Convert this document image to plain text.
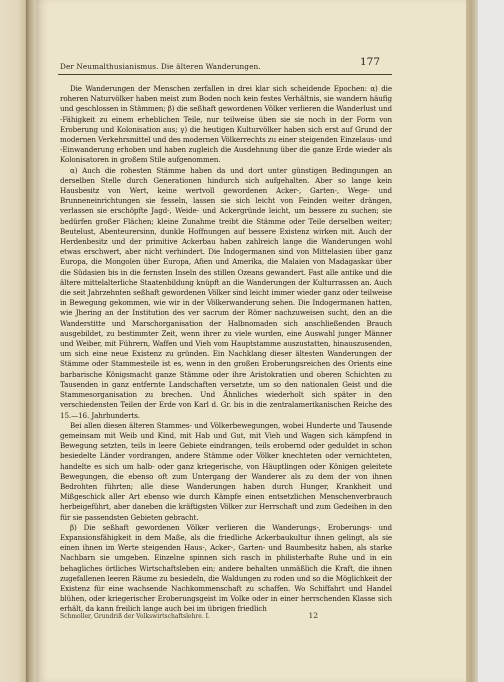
Der Neumalthusianismus. Die älteren Wanderungen.	177

Die Wanderungen der Menschen zerfallen in drei klar sich scheidende Epochen: α) die roheren Naturvölker haben meist zum Boden noch kein festes Verhältnis, sie wandern häufig und geschlossen in Stämmen; β) die seßhaft gewordenen Völker verlieren die Wanderlust und -Fähigkeit zu einem erheblichen Teile, nur teilweise üben sie sie noch in der Form von Eroberung und Kolonisation aus; γ) die heutigen Kulturvölker haben sich erst auf Grund der modernen Verkehrsmittel und des modernen Völkerrechts zu einer steigenden Einzelaus- und -Einwanderung erhoben und haben zugleich die Ausdehnung über die ganze Erde wieder als Kolonisatoren in großem Stile aufgenommen.

α) Auch die rohesten Stämme haben da und dort unter günstigen Bedingungen an derselben Stelle durch Generationen hindurch sich aufgehalten. Aber so lange kein Hausbesitz von Wert, keine wertvoll gewordenen Acker-, Garten-, Wege- und Brunneneinrichtungen sie fesseln, lassen sie sich leicht von Feinden weiter drängen, verlassen sie erschöpfte Jagd-, Weide- und Ackergründe leicht, um bessere zu suchen; sie bedürfen großer Flächen; kleine Zunahme treibt die Stämme oder Teile derselben weiter; Beutelust, Abenteurersinn, dunkle Hoffnungen auf bessere Existenz wirken mit. Auch der Herdenbesitz und der primitive Ackerbau haben zahlreich lange die Wanderungen wohl etwas erschwert, aber nicht verhindert. Die Indogermanen sind von Mittelasien über ganz Europa, die Mongolen über Europa, Afien und Amerika, die Malaien von Madagaskar über die Südasien bis in die fernsten Inseln des stillen Ozeans gewandert. Fast alle antike und die ältere mittelalterliche Staatenbildung knüpft an die Wanderungen der Kulturrassen an. Auch die seit Jahrzehnten seßhaft gewordenen Völker sind leicht immer wieder ganz oder teilweise in Bewegung gekommen, wie wir in der Völkerwanderung sehen. Die Indogermanen hatten, wie Jhering an der Institution des ver sacrum der Römer nachzuweisen sucht, den an die Wanderstitte und Marschorganisation der Halbnomaden sich anschließenden Brauch ausgebildet, zu bestimmter Zeit, wenn ihrer zu viele wurden, eine Auswahl junger Männer und Weiber, mit Führern, Waffen und Vieh vom Hauptstamme auszustatten, hinauszusenden, um sich eine neue Existenz zu gründen. Ein Nachklang dieser ältesten Wanderungen der Stämme oder Stammesteile ist es, wenn in den großen Eroberungsreichen des Orients eine barbarische Königsmacht ganze Stämme oder ihre Aristokratien und oberen Schichten zu Tausenden in ganz entfernte Landschaften versetzte, um so den nationalen Geist und die Stammesorganisation zu brechen. Und Ähnliches wiederholt sich später in den verschiedensten Teilen der Erde von Karl d. Gr. bis in die zentralamerikanischen Reiche des 15.—16. Jahrhunderts.

Bei allen diesen älteren Stammes- und Völkerbewegungen, wobei Hunderte und Tausende gemeinsam mit Weib und Kind, mit Hab und Gut, mit Vieh und Wagen sich kämpfend in Bewegung setzten, teils in leere Gebiete eindrangen, teils erobernd oder geduldet in schon besiedelte Länder vordrangen, andere Stämme oder Völker knechteten oder vernichteten, handelte es sich um halb- oder ganz kriegerische, von Häuptlingen oder Königen geleitete Bewegungen, die ebenso oft zum Untergang der Wanderer als zu dem der von ihnen Bedrohten führten; alle diese Wanderungen haben durch Hunger, Krankheit und Mißgeschick aller Art ebenso wie durch Kämpfe einen entsetzlichen Menschenverbrauch herbeigeführt, aber daneben die kräftigsten Völker zur Herrschaft und zum Gedeihen in den für sie passendsten Gebieten gebracht.

β) Die seßhaft gewordenen Völker verlieren die Wanderungs-, Eroberungs- und Expansionsfähigkeit in dem Maße, als die friedliche Ackerbaukultur ihnen gelingt, als sie einen ihnen im Werte steigenden Haus-, Acker-, Garten- und Baumbesitz haben, als starke Nachbarn sie umgeben. Einzelne spinnen sich rasch in philisterhafte Ruhe und in ein behagliches örtliches Wirtschaftsleben ein; andere behalten unmäßlich die Kraft, die ihnen zugefallenen leeren Räume zu besiedeln, die Waldungen zu roden und so die Möglichkeit der Existenz für eine wachsende Nachkommenschaft zu schaffen. Wo Schiffahrt und Handel blühen, oder kriegerischer Eroberungsgeist im Volke oder in einer herrschenden Klasse sich erhält, da kann freilich lange auch bei im übrigen friedlich

Schmoller, Grundriß der Volkswirtschaftslehre. I.	12
